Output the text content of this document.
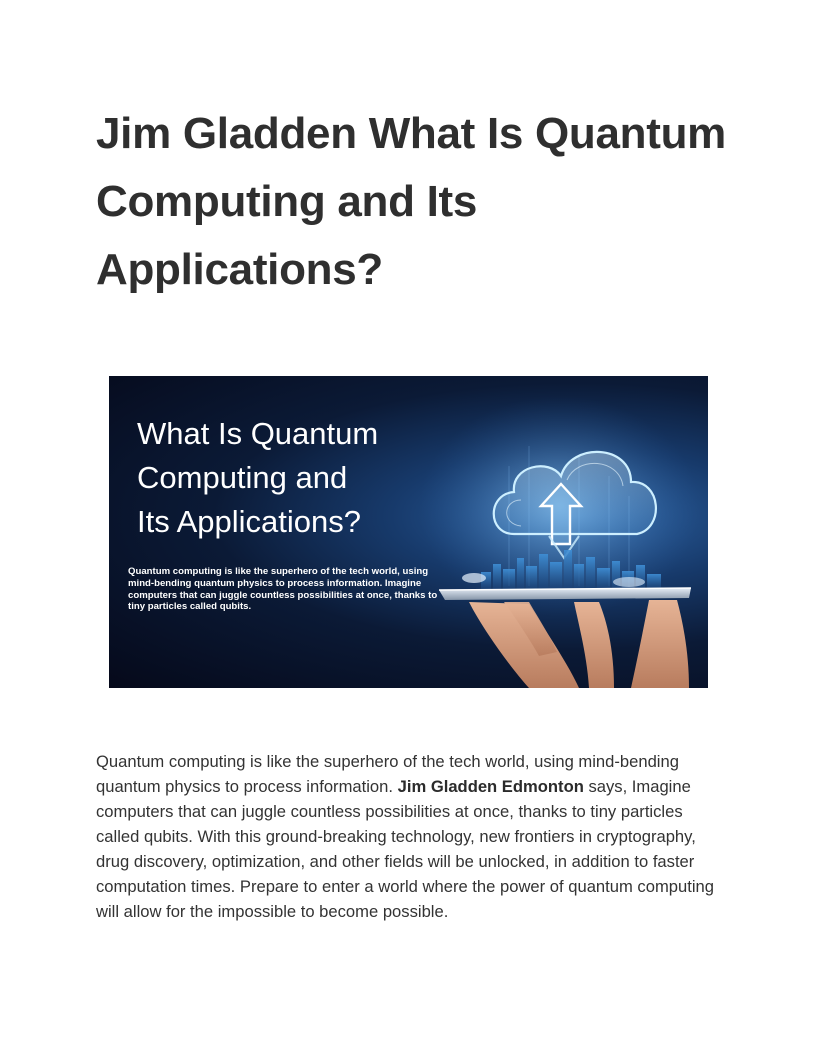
Jim Gladden What Is Quantum Computing and Its Applications?
What Is Quantum
Computing and
Its Applications?

Quantum computing is like the superhero of the tech world, using mind-bending quantum physics to process information. Imagine computers that can juggle countless possibilities at once, thanks to tiny particles called qubits.

Quantum computing is like the superhero of the tech world, using mind-bending quantum physics to process information. Jim Gladden Edmonton says, Imagine computers that can juggle countless possibilities at once, thanks to tiny particles called qubits. With this ground-breaking technology, new frontiers in cryptography, drug discovery, optimization, and other fields will be unlocked, in addition to faster computation times. Prepare to enter a world where the power of quantum computing will allow for the impossible to become possible.
